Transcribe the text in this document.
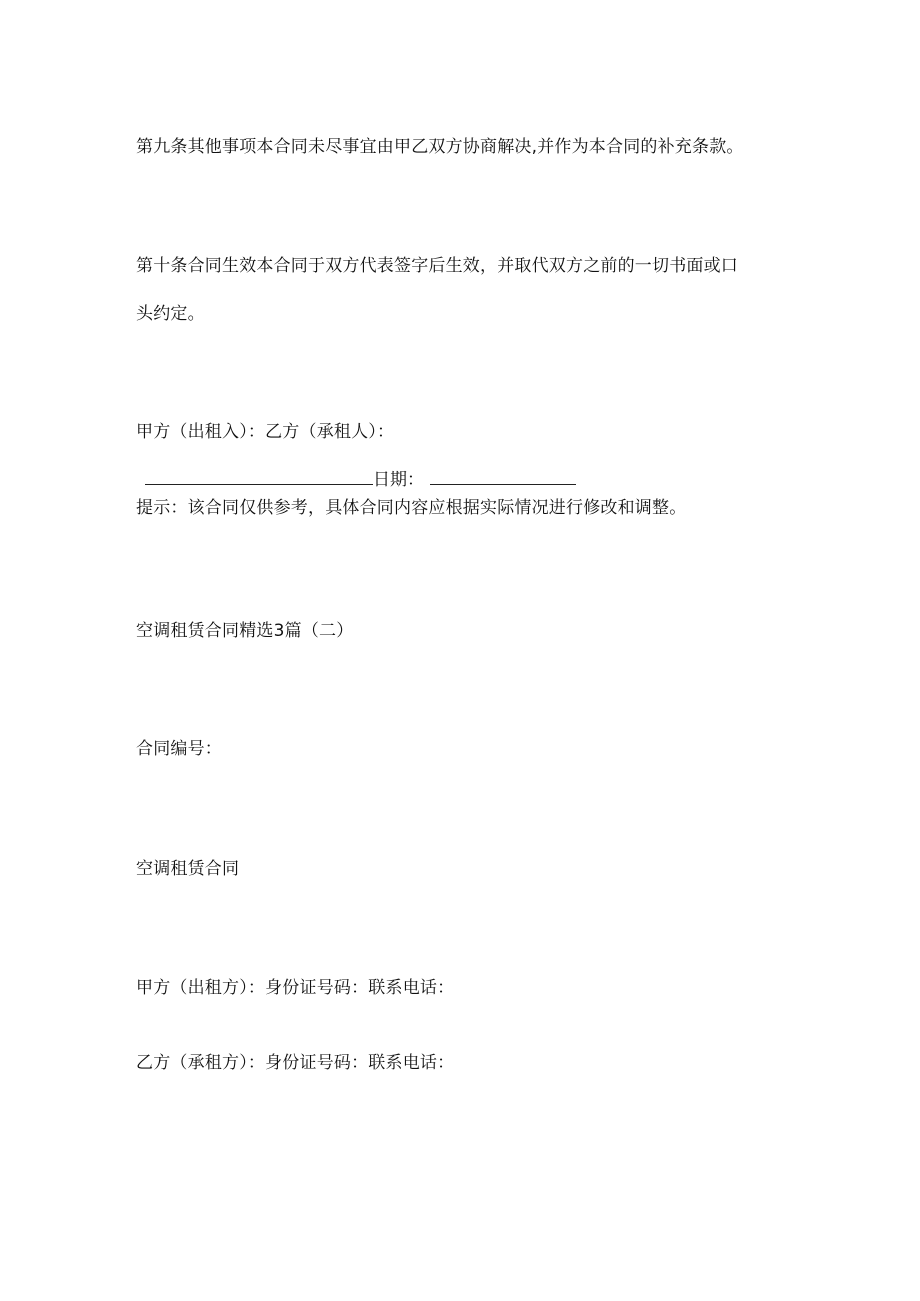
第九条其他事项本合同未尽事宜由甲乙双方协商解决,并作为本合同的补充条款。
第十条合同生效本合同于双方代表签字后生效，并取代双方之前的一切书面或口
头约定。
甲方（出租入）：乙方（承租人）：
日期：
提示：该合同仅供参考，具体合同内容应根据实际情况进行修改和调整。
空调租赁合同精选3篇（二）
合同编号：
空调租赁合同
甲方（出租方）：身份证号码：联系电话：
乙方（承租方）：身份证号码：联系电话：
